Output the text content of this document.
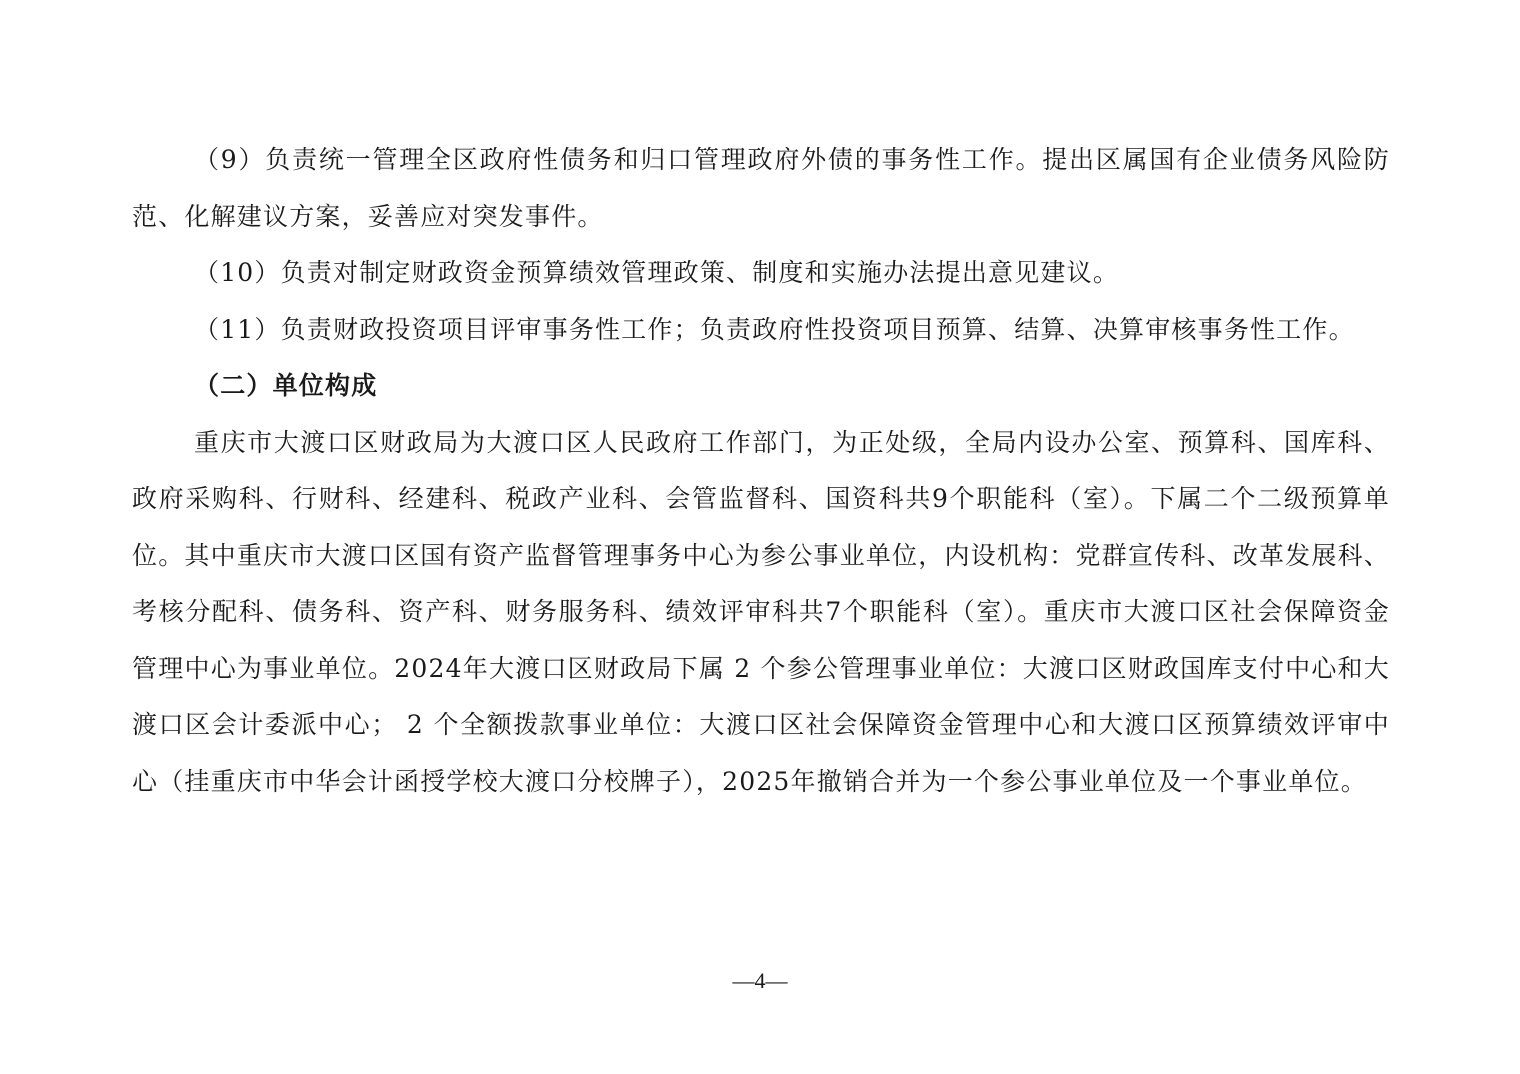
（9）负责统一管理全区政府性债务和归口管理政府外债的事务性工作。提出区属国有企业债务风险防范、化解建议方案，妥善应对突发事件。

（10）负责对制定财政资金预算绩效管理政策、制度和实施办法提出意见建议。

（11）负责财政投资项目评审事务性工作；负责政府性投资项目预算、结算、决算审核事务性工作。

（二）单位构成

重庆市大渡口区财政局为大渡口区人民政府工作部门，为正处级，全局内设办公室、预算科、国库科、政府采购科、行财科、经建科、税政产业科、会管监督科、国资科共9个职能科（室）。下属二个二级预算单位。其中重庆市大渡口区国有资产监督管理事务中心为参公事业单位，内设机构：党群宣传科、改革发展科、考核分配科、债务科、资产科、财务服务科、绩效评审科共7个职能科（室）。重庆市大渡口区社会保障资金管理中心为事业单位。2024年大渡口区财政局下属 2 个参公管理事业单位：大渡口区财政国库支付中心和大渡口区会计委派中心； 2 个全额拨款事业单位：大渡口区社会保障资金管理中心和大渡口区预算绩效评审中心（挂重庆市中华会计函授学校大渡口分校牌子），2025年撤销合并为一个参公事业单位及一个事业单位。

—4—
